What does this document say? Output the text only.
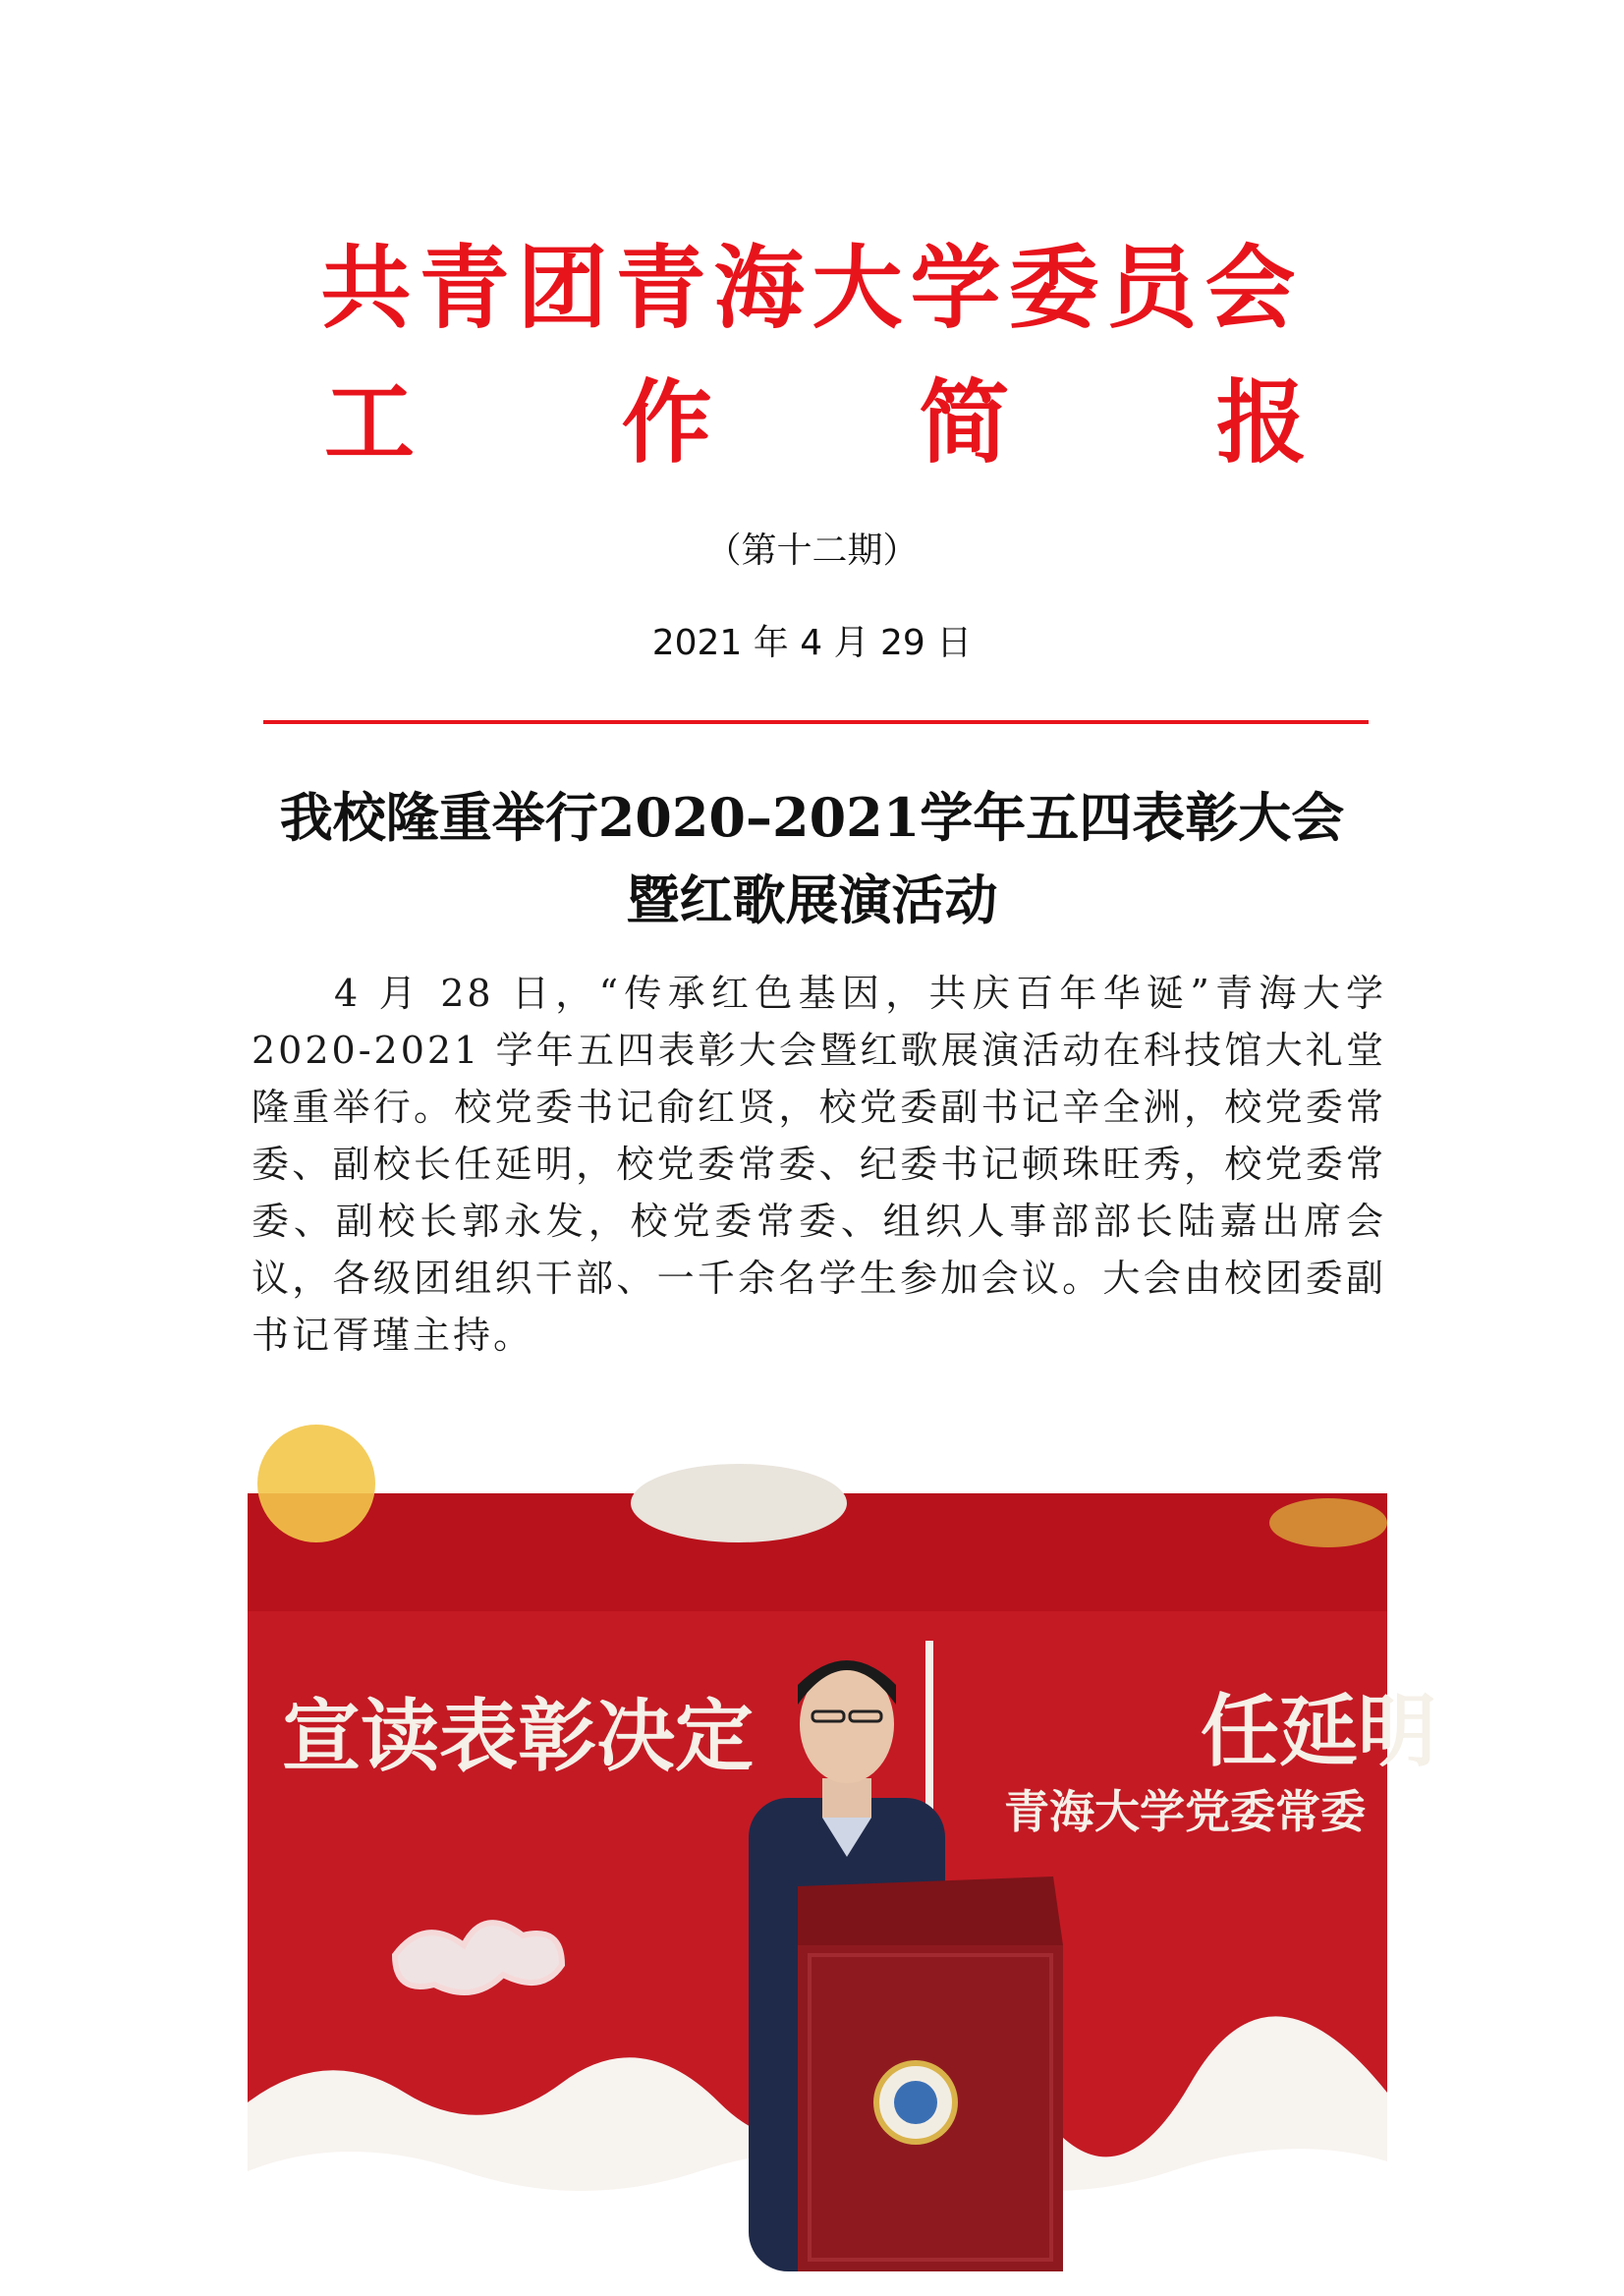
共青团青海大学委员会
工 作 简 报
（第十二期）
2021 年 4 月 29 日
我校隆重举行2020–2021学年五四表彰大会
暨红歌展演活动
4 月 28 日，“传承红色基因，共庆百年华诞”青海大学 2020-2021 学年五四表彰大会暨红歌展演活动在科技馆大礼堂隆重举行。校党委书记俞红贤，校党委副书记辛全洲，校党委常委、副校长任延明，校党委常委、纪委书记顿珠旺秀，校党委常委、副校长郭永发，校党委常委、组织人事部部长陆嘉出席会议，各级团组织干部、一千余名学生参加会议。大会由校团委副书记胥瑾主持。
宣读表彰决定	任延明
青海大学党委常委
